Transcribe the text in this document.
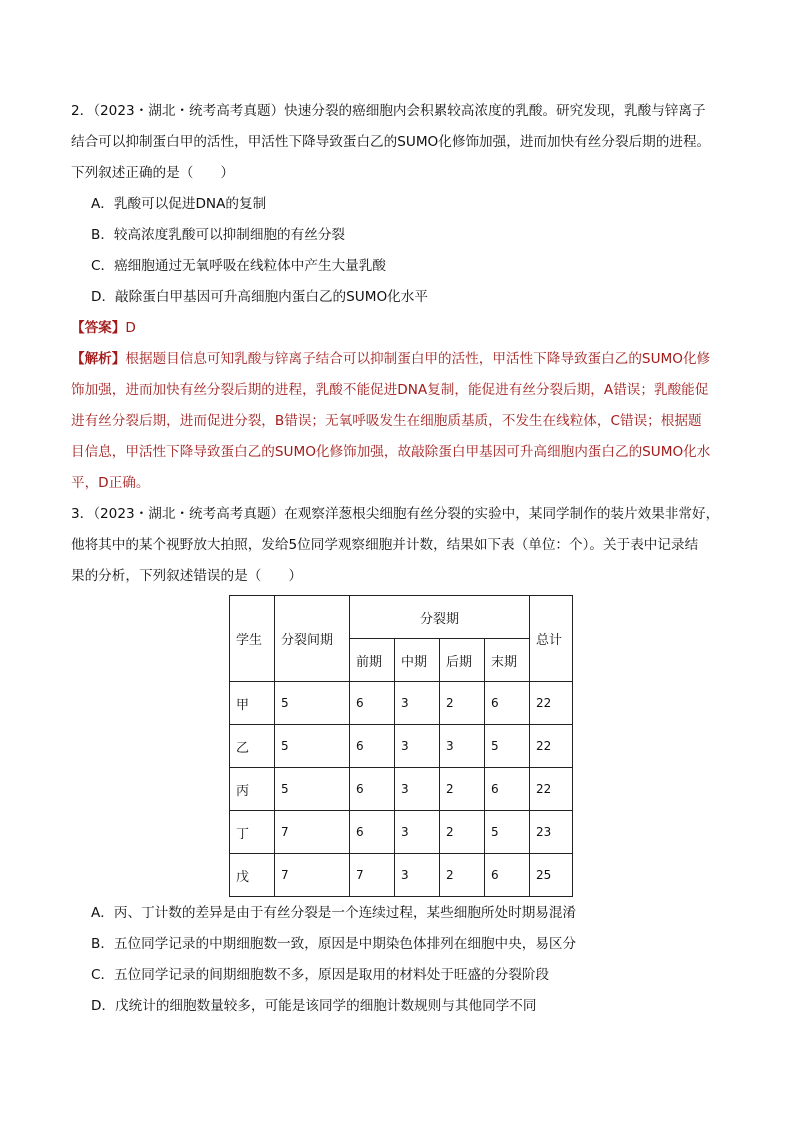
2．（2023・湖北・统考高考真题）快速分裂的癌细胞内会积累较高浓度的乳酸。研究发现，乳酸与锌离子
结合可以抑制蛋白甲的活性，甲活性下降导致蛋白乙的SUMO化修饰加强，进而加快有丝分裂后期的进程。
下列叙述正确的是（　　）
A．乳酸可以促进DNA的复制
B．较高浓度乳酸可以抑制细胞的有丝分裂
C．癌细胞通过无氧呼吸在线粒体中产生大量乳酸
D．敲除蛋白甲基因可升高细胞内蛋白乙的SUMO化水平
【答案】D
【解析】根据题目信息可知乳酸与锌离子结合可以抑制蛋白甲的活性，甲活性下降导致蛋白乙的SUMO化修
饰加强，进而加快有丝分裂后期的进程，乳酸不能促进DNA复制，能促进有丝分裂后期，A错误；乳酸能促
进有丝分裂后期，进而促进分裂，B错误；无氧呼吸发生在细胞质基质，不发生在线粒体，C错误；根据题
目信息，甲活性下降导致蛋白乙的SUMO化修饰加强，故敲除蛋白甲基因可升高细胞内蛋白乙的SUMO化水
平，D正确。
3．（2023・湖北・统考高考真题）在观察洋葱根尖细胞有丝分裂的实验中，某同学制作的装片效果非常好，
他将其中的某个视野放大拍照，发给5位同学观察细胞并计数，结果如下表（单位：个）。关于表中记录结
果的分析，下列叙述错误的是（　　）
学生	分裂间期	分裂期				总计
		前期	中期	后期	末期	
甲	5	6	3	2	6	22
乙	5	6	3	3	5	22
丙	5	6	3	2	6	22
丁	7	6	3	2	5	23
戊	7	7	3	2	6	25
A．丙、丁计数的差异是由于有丝分裂是一个连续过程，某些细胞所处时期易混淆
B．五位同学记录的中期细胞数一致，原因是中期染色体排列在细胞中央，易区分
C．五位同学记录的间期细胞数不多，原因是取用的材料处于旺盛的分裂阶段
D．戊统计的细胞数量较多，可能是该同学的细胞计数规则与其他同学不同
